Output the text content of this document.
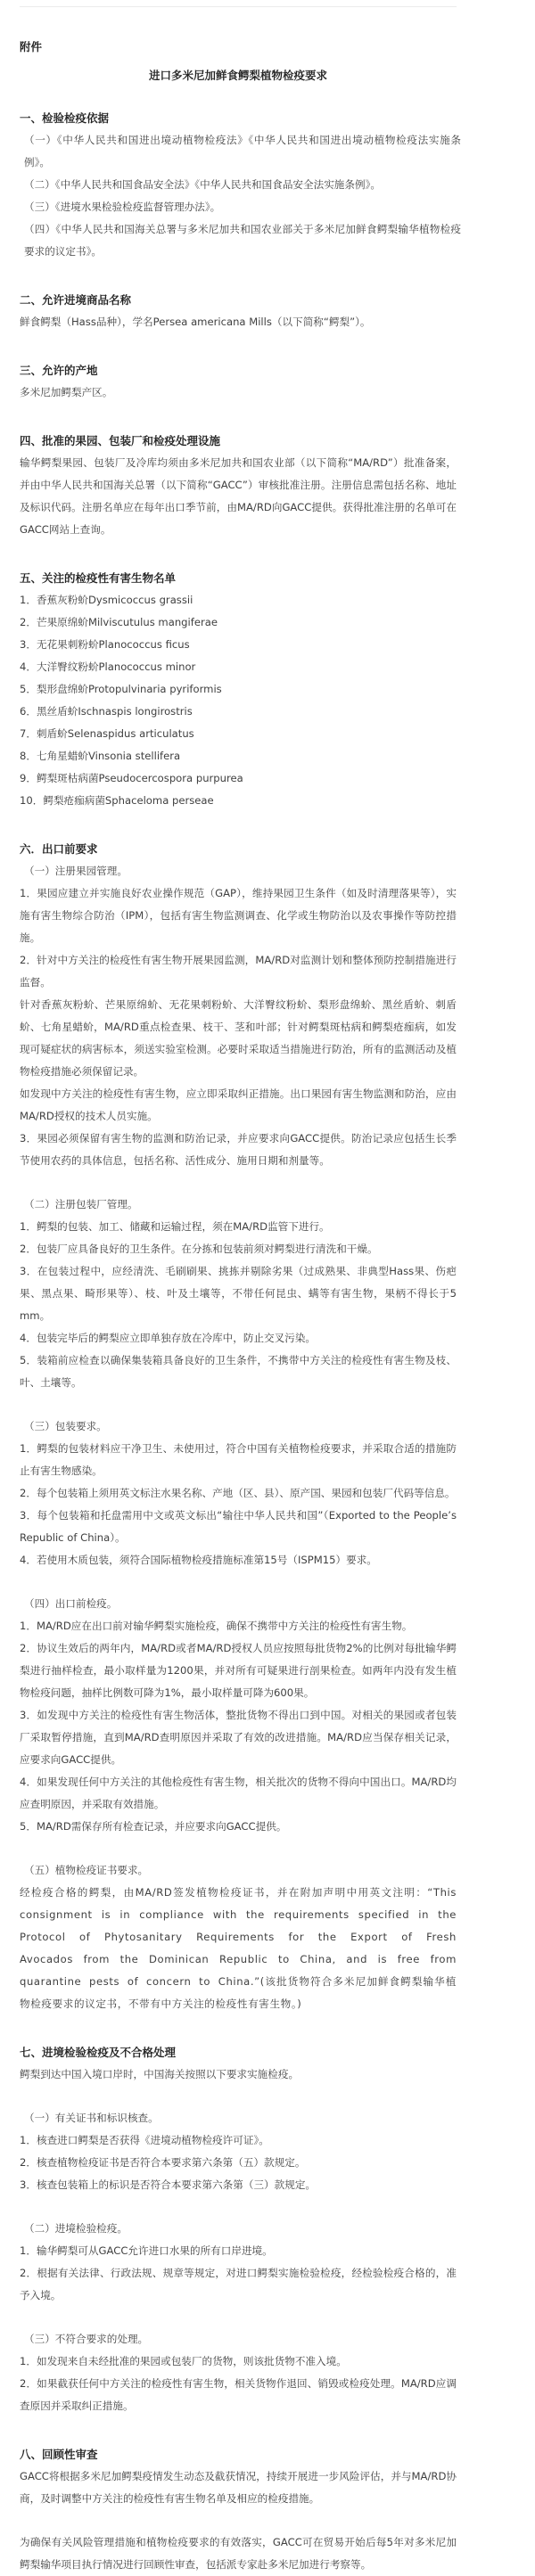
附件
进口多米尼加鲜食鳄梨植物检疫要求
一、检验检疫依据

（一）《中华人民共和国进出境动植物检疫法》《中华人民共和国进出境动植物检疫法实施条例》。

（二）《中华人民共和国食品安全法》《中华人民共和国食品安全法实施条例》。

（三）《进境水果检验检疫监督管理办法》。

（四）《中华人民共和国海关总署与多米尼加共和国农业部关于多米尼加鲜食鳄梨输华植物检疫要求的议定书》。

二、允许进境商品名称

鲜食鳄梨（Hass品种），学名Persea americana Mills（以下简称“鳄梨”）。

三、允许的产地

多米尼加鳄梨产区。

四、批准的果园、包装厂和检疫处理设施

输华鳄梨果园、包装厂及冷库均须由多米尼加共和国农业部（以下简称“MA/RD”）批准备案，并由中华人民共和国海关总署（以下简称“GACC”）审核批准注册。注册信息需包括名称、地址及标识代码。注册名单应在每年出口季节前，由MA/RD向GACC提供。获得批准注册的名单可在GACC网站上查询。

五、关注的检疫性有害生物名单

1．香蕉灰粉蚧Dysmicoccus grassii

2．芒果原绵蚧Milviscutulus mangiferae

3．无花果刺粉蚧Planococcus ficus

4．大洋臀纹粉蚧Planococcus minor

5．梨形盘绵蚧Protopulvinaria pyriformis

6．黑丝盾蚧Ischnaspis longirostris

7．刺盾蚧Selenaspidus articulatus

8．七角星蜡蚧Vinsonia stellifera

9．鳄梨斑枯病菌Pseudocercospora purpurea

10．鳄梨疮痂病菌Sphaceloma perseae

六．出口前要求
（一）注册果园管理。

1．果园应建立并实施良好农业操作规范（GAP），维持果园卫生条件（如及时清理落果等），实施有害生物综合防治（IPM），包括有害生物监测调查、化学或生物防治以及农事操作等防控措施。

2．针对中方关注的检疫性有害生物开展果园监测，MA/RD对监测计划和整体预防控制措施进行监督。

针对香蕉灰粉蚧、芒果原绵蚧、无花果刺粉蚧、大洋臀纹粉蚧、梨形盘绵蚧、黑丝盾蚧、刺盾蚧、七角星蜡蚧，MA/RD重点检查果、枝干、茎和叶部；针对鳄梨斑枯病和鳄梨疮痂病，如发现可疑症状的病害标本，须送实验室检测。必要时采取适当措施进行防治，所有的监测活动及植物检疫措施必须保留记录。

如发现中方关注的检疫性有害生物，应立即采取纠正措施。出口果园有害生物监测和防治，应由MA/RD授权的技术人员实施。

3．果园必须保留有害生物的监测和防治记录，并应要求向GACC提供。防治记录应包括生长季节使用农药的具体信息，包括名称、活性成分、施用日期和剂量等。

（二）注册包装厂管理。

1．鳄梨的包装、加工、储藏和运输过程，须在MA/RD监管下进行。

2．包装厂应具备良好的卫生条件。在分拣和包装前须对鳄梨进行清洗和干燥。

3．在包装过程中，应经清洗、毛刷刷果、挑拣并剔除劣果（过成熟果、非典型Hass果、伤疤果、黑点果、畸形果等）、枝、叶及土壤等，不带任何昆虫、螨等有害生物，果柄不得长于5 mm。

4．包装完毕后的鳄梨应立即单独存放在冷库中，防止交叉污染。

5．装箱前应检查以确保集装箱具备良好的卫生条件，不携带中方关注的检疫性有害生物及枝、叶、土壤等。

（三）包装要求。

1．鳄梨的包装材料应干净卫生、未使用过，符合中国有关植物检疫要求，并采取合适的措施防止有害生物感染。

2．每个包装箱上须用英文标注水果名称、产地（区、县）、原产国、果园和包装厂代码等信息。

3．每个包装箱和托盘需用中文或英文标出“输往中华人民共和国”（Exported to the People’s Republic of China）。

4．若使用木质包装，须符合国际植物检疫措施标准第15号（ISPM15）要求。

（四）出口前检疫。

1．MA/RD应在出口前对输华鳄梨实施检疫，确保不携带中方关注的检疫性有害生物。

2．协议生效后的两年内，MA/RD或者MA/RD授权人员应按照每批货物2%的比例对每批输华鳄梨进行抽样检查，最小取样量为1200果，并对所有可疑果进行剖果检查。如两年内没有发生植物检疫问题，抽样比例数可降为1%，最小取样量可降为600果。

3．如发现中方关注的检疫性有害生物活体，整批货物不得出口到中国。对相关的果园或者包装厂采取暂停措施，直到MA/RD查明原因并采取了有效的改进措施。MA/RD应当保存相关记录，应要求向GACC提供。

4．如果发现任何中方关注的其他检疫性有害生物，相关批次的货物不得向中国出口。MA/RD均应查明原因，并采取有效措施。

5．MA/RD需保存所有检查记录，并应要求向GACC提供。

（五）植物检疫证书要求。

经检疫合格的鳄梨，由MA/RD签发植物检疫证书，并在附加声明中用英文注明：“This consignment is in compliance with the requirements specified in the Protocol of Phytosanitary Requirements for the Export of Fresh Avocados from the Dominican Republic to China, and is free from quarantine pests of concern to China.”(该批货物符合多米尼加鲜食鳄梨输华植物检疫要求的议定书，不带有中方关注的检疫性有害生物。)

七、进境检验检疫及不合格处理

鳄梨到达中国入境口岸时，中国海关按照以下要求实施检疫。

（一）有关证书和标识核查。

1．核查进口鳄梨是否获得《进境动植物检疫许可证》。

2．核查植物检疫证书是否符合本要求第六条第（五）款规定。

3．核查包装箱上的标识是否符合本要求第六条第（三）款规定。

（二）进境检验检疫。

1．输华鳄梨可从GACC允许进口水果的所有口岸进境。

2．根据有关法律、行政法规、规章等规定，对进口鳄梨实施检验检疫，经检验检疫合格的，准予入境。

（三）不符合要求的处理。

1．如发现来自未经批准的果园或包装厂的货物，则该批货物不准入境。

2．如果截获任何中方关注的检疫性有害生物，相关货物作退回、销毁或检疫处理。MA/RD应调查原因并采取纠正措施。

八、回顾性审查

GACC将根据多米尼加鳄梨疫情发生动态及截获情况，持续开展进一步风险评估，并与MA/RD协商，及时调整中方关注的检疫性有害生物名单及相应的检疫措施。

为确保有关风险管理措施和植物检疫要求的有效落实，GACC可在贸易开始后每5年对多米尼加鳄梨输华项目执行情况进行回顾性审查，包括派专家赴多米尼加进行考察等。
